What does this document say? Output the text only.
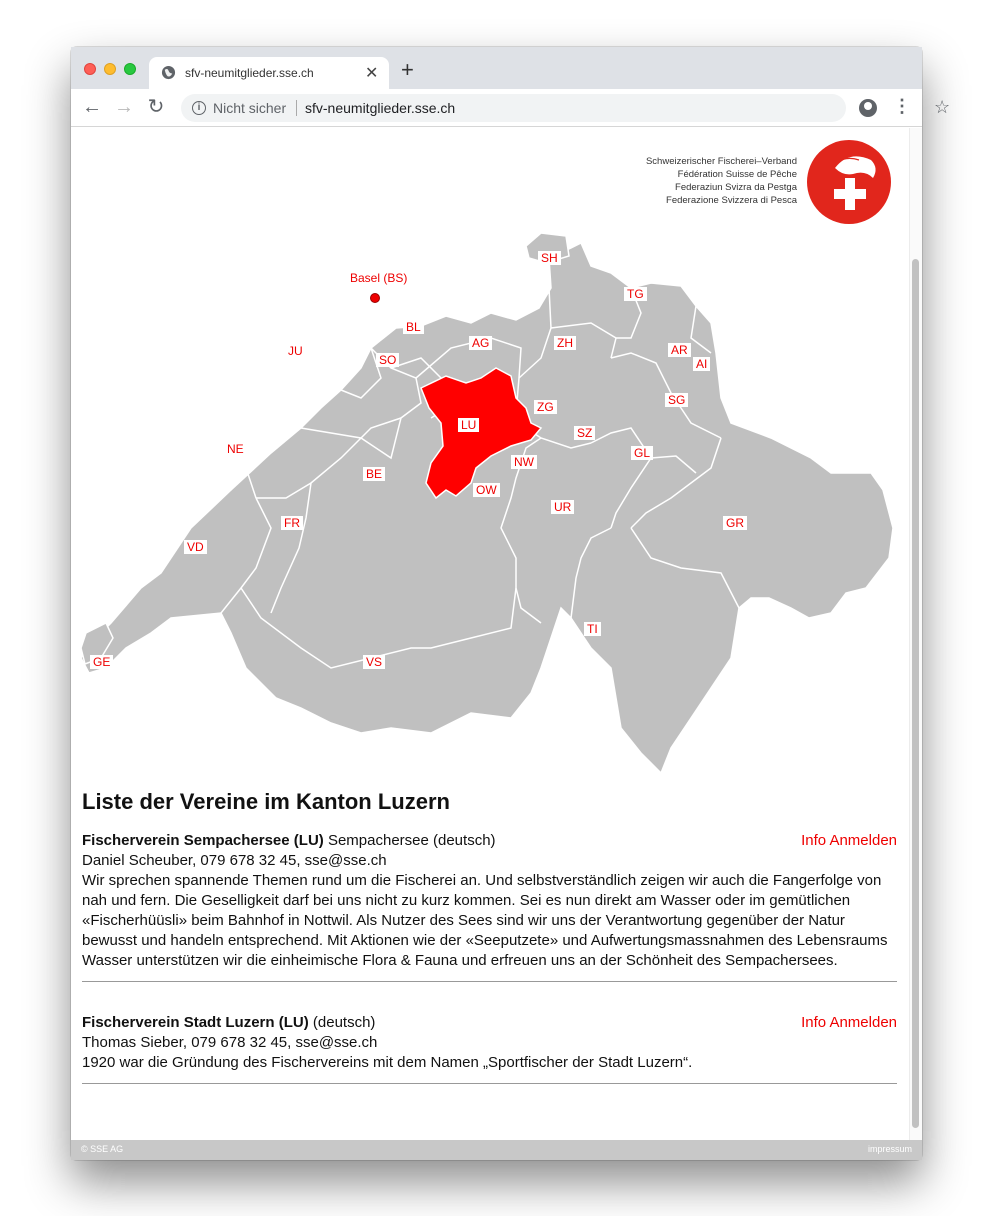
sfv-neumitglieder.sse.ch	✕ +
← → ↻	i Nicht sicher sfv-neumitglieder.sse.ch	☆
⋮
Schweizerischer Fischerei–Verband
Fédération Suisse de Pêche
Federaziun Svizra da Pestga
Federazione Svizzera di Pesca
Basel (BS)
SH
TG
ZH
AG
BL
JU
SO
AR
AI
SG
ZG
LU
SZ
NW
GL
NE
BE
OW
UR
GR
FR
VD
TI
GE	VS
Liste der Vereine im Kanton Luzern
Fischerverein Sempachersee (LU) Sempachersee (deutsch)	Info Anmelden
Daniel Scheuber, 079 678 32 45, sse@sse.ch
Wir sprechen spannende Themen rund um die Fischerei an. Und selbstverständlich zeigen wir auch die Fangerfolge von nah und fern. Die Geselligkeit darf bei uns nicht zu kurz kommen. Sei es nun direkt am Wasser oder im gemütlichen «Fischerhüüsli» beim Bahnhof in Nottwil. Als Nutzer des Sees sind wir uns der Verantwortung gegenüber der Natur bewusst und handeln entsprechend. Mit Aktionen wie der «Seeputzete» und Aufwertungsmassnahmen des Lebensraums Wasser unterstützen wir die einheimische Flora & Fauna und erfreuen uns an der Schönheit des Sempachersees.
Fischerverein Stadt Luzern (LU) (deutsch)	Info Anmelden
Thomas Sieber, 079 678 32 45, sse@sse.ch
1920 war die Gründung des Fischervereins mit dem Namen „Sportfischer der Stadt Luzern“.
© SSE AG	impressum
